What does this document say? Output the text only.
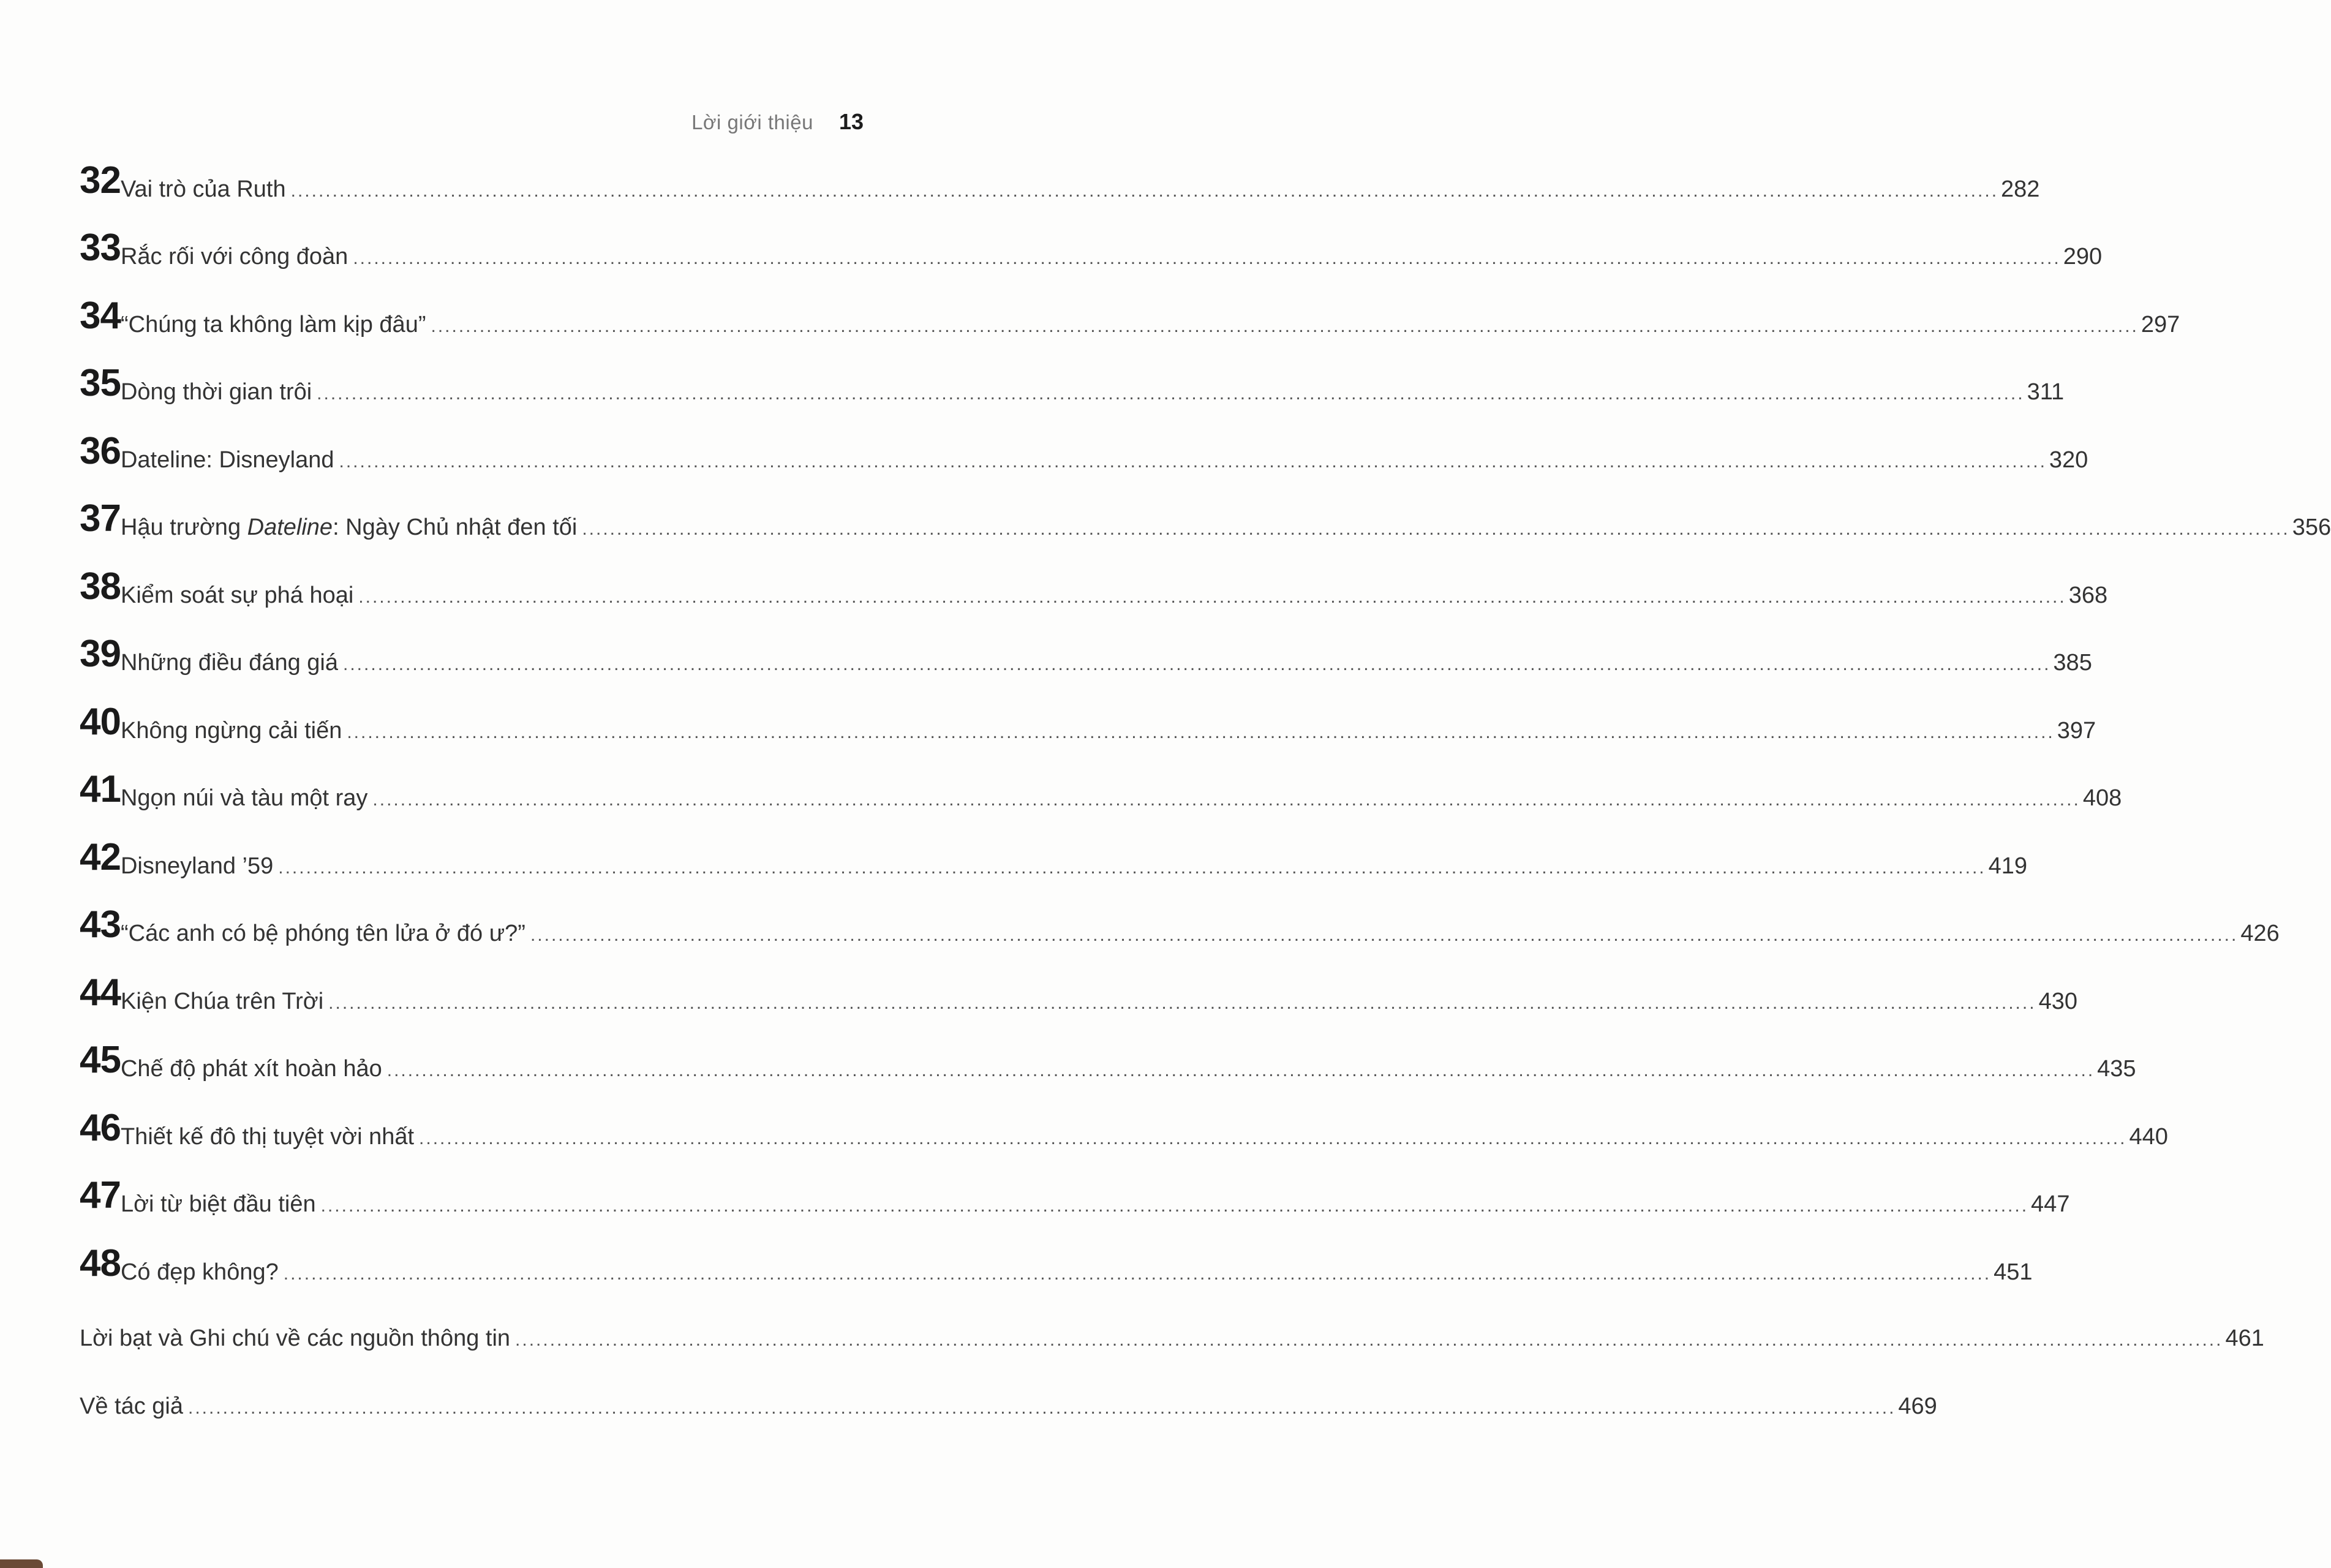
Lời giới thiệu 13
32 Vai trò của Ruth .....	282
33 Rắc rối với công đoàn .....	290
34 “Chúng ta không làm kịp đâu” .....	297
35 Dòng thời gian trôi .....	311
36 Dateline: Disneyland .....	320
37 Hậu trường Dateline: Ngày Chủ nhật đen tối .....	356
38 Kiểm soát sự phá hoại .....	368
39 Những điều đáng giá .....	385
40 Không ngừng cải tiến .....	397
41 Ngọn núi và tàu một ray .....	408
42 Disneyland ’59 .....	419
43 “Các anh có bệ phóng tên lửa ở đó ư?” .....	426
44 Kiện Chúa trên Trời .....	430
45 Chế độ phát xít hoàn hảo .....	435
46 Thiết kế đô thị tuyệt vời nhất .....	440
47 Lời từ biệt đầu tiên .....	447
48 Có đẹp không? .....	451
Lời bạt và Ghi chú về các nguồn thông tin .....	461
Về tác giả .....	469
